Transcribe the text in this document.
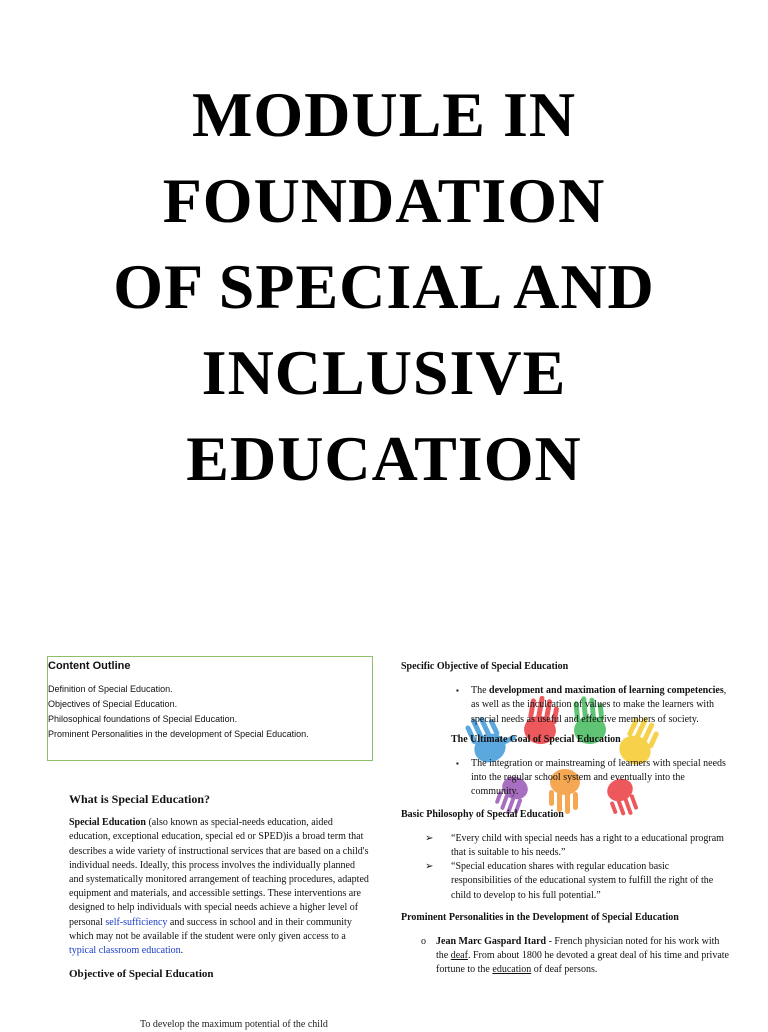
MODULE IN
FOUNDATION
OF SPECIAL AND
INCLUSIVE
EDUCATION
Content Outline
Definition of Special Education.
Objectives of Special Education.
Philosophical foundations of Special Education.
Prominent Personalities in the development of Special Education.
What is Special Education?

Special Education (also known as special-needs education, aided education, exceptional education, special ed or SPED)is a broad term that describes a wide variety of instructional services that are based on a child's individual needs. Ideally, this process involves the individually planned and systematically monitored arrangement of teaching procedures, adapted equipment and materials, and accessible settings. These interventions are designed to help individuals with special needs achieve a higher level of personal self-sufficiency and success in school and in their community which may not be available if the student were only given access to a typical classroom education.

Objective of Special Education
To develop the maximum potential of the child
Specific Objective of Special Education
▪ The development and maximation of learning competencies, as well as the inculcation of values to make the learners with special needs as useful and effective members of society.
The Ultimate Goal of Special Education
▪ The integration or mainstreaming of learners with special needs into the regular school system and eventually into the community.
Basic Philosophy of Special Education
➢ “Every child with special needs has a right to a educational program that is suitable to his needs.”
➢ “Special education shares with regular education basic responsibilities of the educational system to fulfill the right of the child to develop to his full potential.”
Prominent Personalities in the Development of Special Education
o Jean Marc Gaspard Itard - French physician noted for his work with the deaf. From about 1800 he devoted a great deal of his time and private fortune to the education of deaf persons.
